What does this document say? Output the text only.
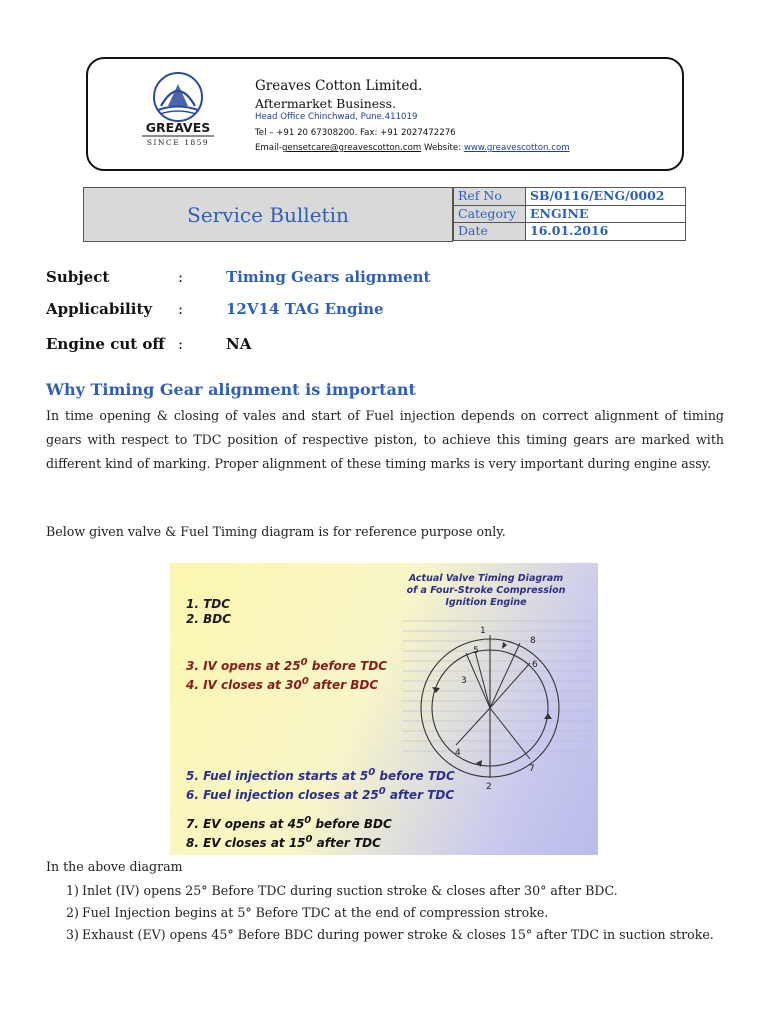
GREAVES
SINCE 1859
Greaves Cotton Limited.
Aftermarket Business.
Head Office Chinchwad, Pune.411019
Tel – +91 20 67308200. Fax: +91 2027472276
Email-gensetcare@greavescotton.com Website: www.greavescotton.com
Service Bulletin
Ref No	SB/0116/ENG/0002
Category	ENGINE
Date	16.01.2016
Subject	:	Timing Gears alignment
Applicability :	12V14 TAG Engine
Engine cut off :	NA
Why Timing Gear alignment is important
In time opening & closing of vales and start of Fuel injection depends on correct alignment of timing gears with respect to TDC position of respective piston, to achieve this timing gears are marked with different kind of marking. Proper alignment of these timing marks is very important during engine assy.
Below given valve & Fuel Timing diagram is for reference purpose only.
1
2
3
4
5
6
7
8
Actual Valve Timing Diagram
of a Four-Stroke Compression
Ignition Engine
1. TDC
2. BDC
3. IV opens at $25^0$ before TDC
4. IV closes at $30^0$ after BDC
5. Fuel injection starts at $5^0$ before TDC
6. Fuel injection closes at $25^0$ after TDC
7. EV opens at $45^0$ before BDC
8. EV closes at $15^0$ after TDC
In the above diagram
1) Inlet (IV) opens 25° Before TDC during suction stroke & closes after 30° after BDC.
2) Fuel Injection begins at 5° Before TDC at the end of compression stroke.
3) Exhaust (EV) opens 45° Before BDC during power stroke & closes 15° after TDC in suction stroke.
